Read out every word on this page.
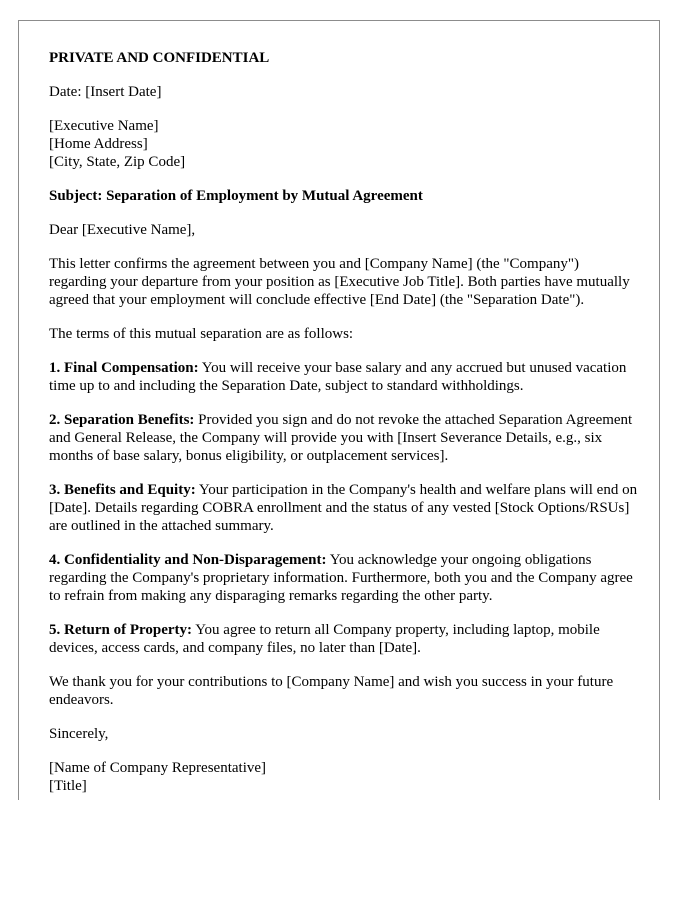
PRIVATE AND CONFIDENTIAL

Date: [Insert Date]

[Executive Name]
[Home Address]
[City, State, Zip Code]

Subject: Separation of Employment by Mutual Agreement

Dear [Executive Name],

This letter confirms the agreement between you and [Company Name] (the "Company") regarding your departure from your position as [Executive Job Title]. Both parties have mutually agreed that your employment will conclude effective [End Date] (the "Separation Date").

The terms of this mutual separation are as follows:

1. Final Compensation: You will receive your base salary and any accrued but unused vacation time up to and including the Separation Date, subject to standard withholdings.

2. Separation Benefits: Provided you sign and do not revoke the attached Separation Agreement and General Release, the Company will provide you with [Insert Severance Details, e.g., six months of base salary, bonus eligibility, or outplacement services].

3. Benefits and Equity: Your participation in the Company's health and welfare plans will end on [Date]. Details regarding COBRA enrollment and the status of any vested [Stock Options/RSUs] are outlined in the attached summary.

4. Confidentiality and Non-Disparagement: You acknowledge your ongoing obligations regarding the Company's proprietary information. Furthermore, both you and the Company agree to refrain from making any disparaging remarks regarding the other party.

5. Return of Property: You agree to return all Company property, including laptop, mobile devices, access cards, and company files, no later than [Date].

We thank you for your contributions to [Company Name] and wish you success in your future endeavors.

Sincerely,

[Name of Company Representative]
[Title]
